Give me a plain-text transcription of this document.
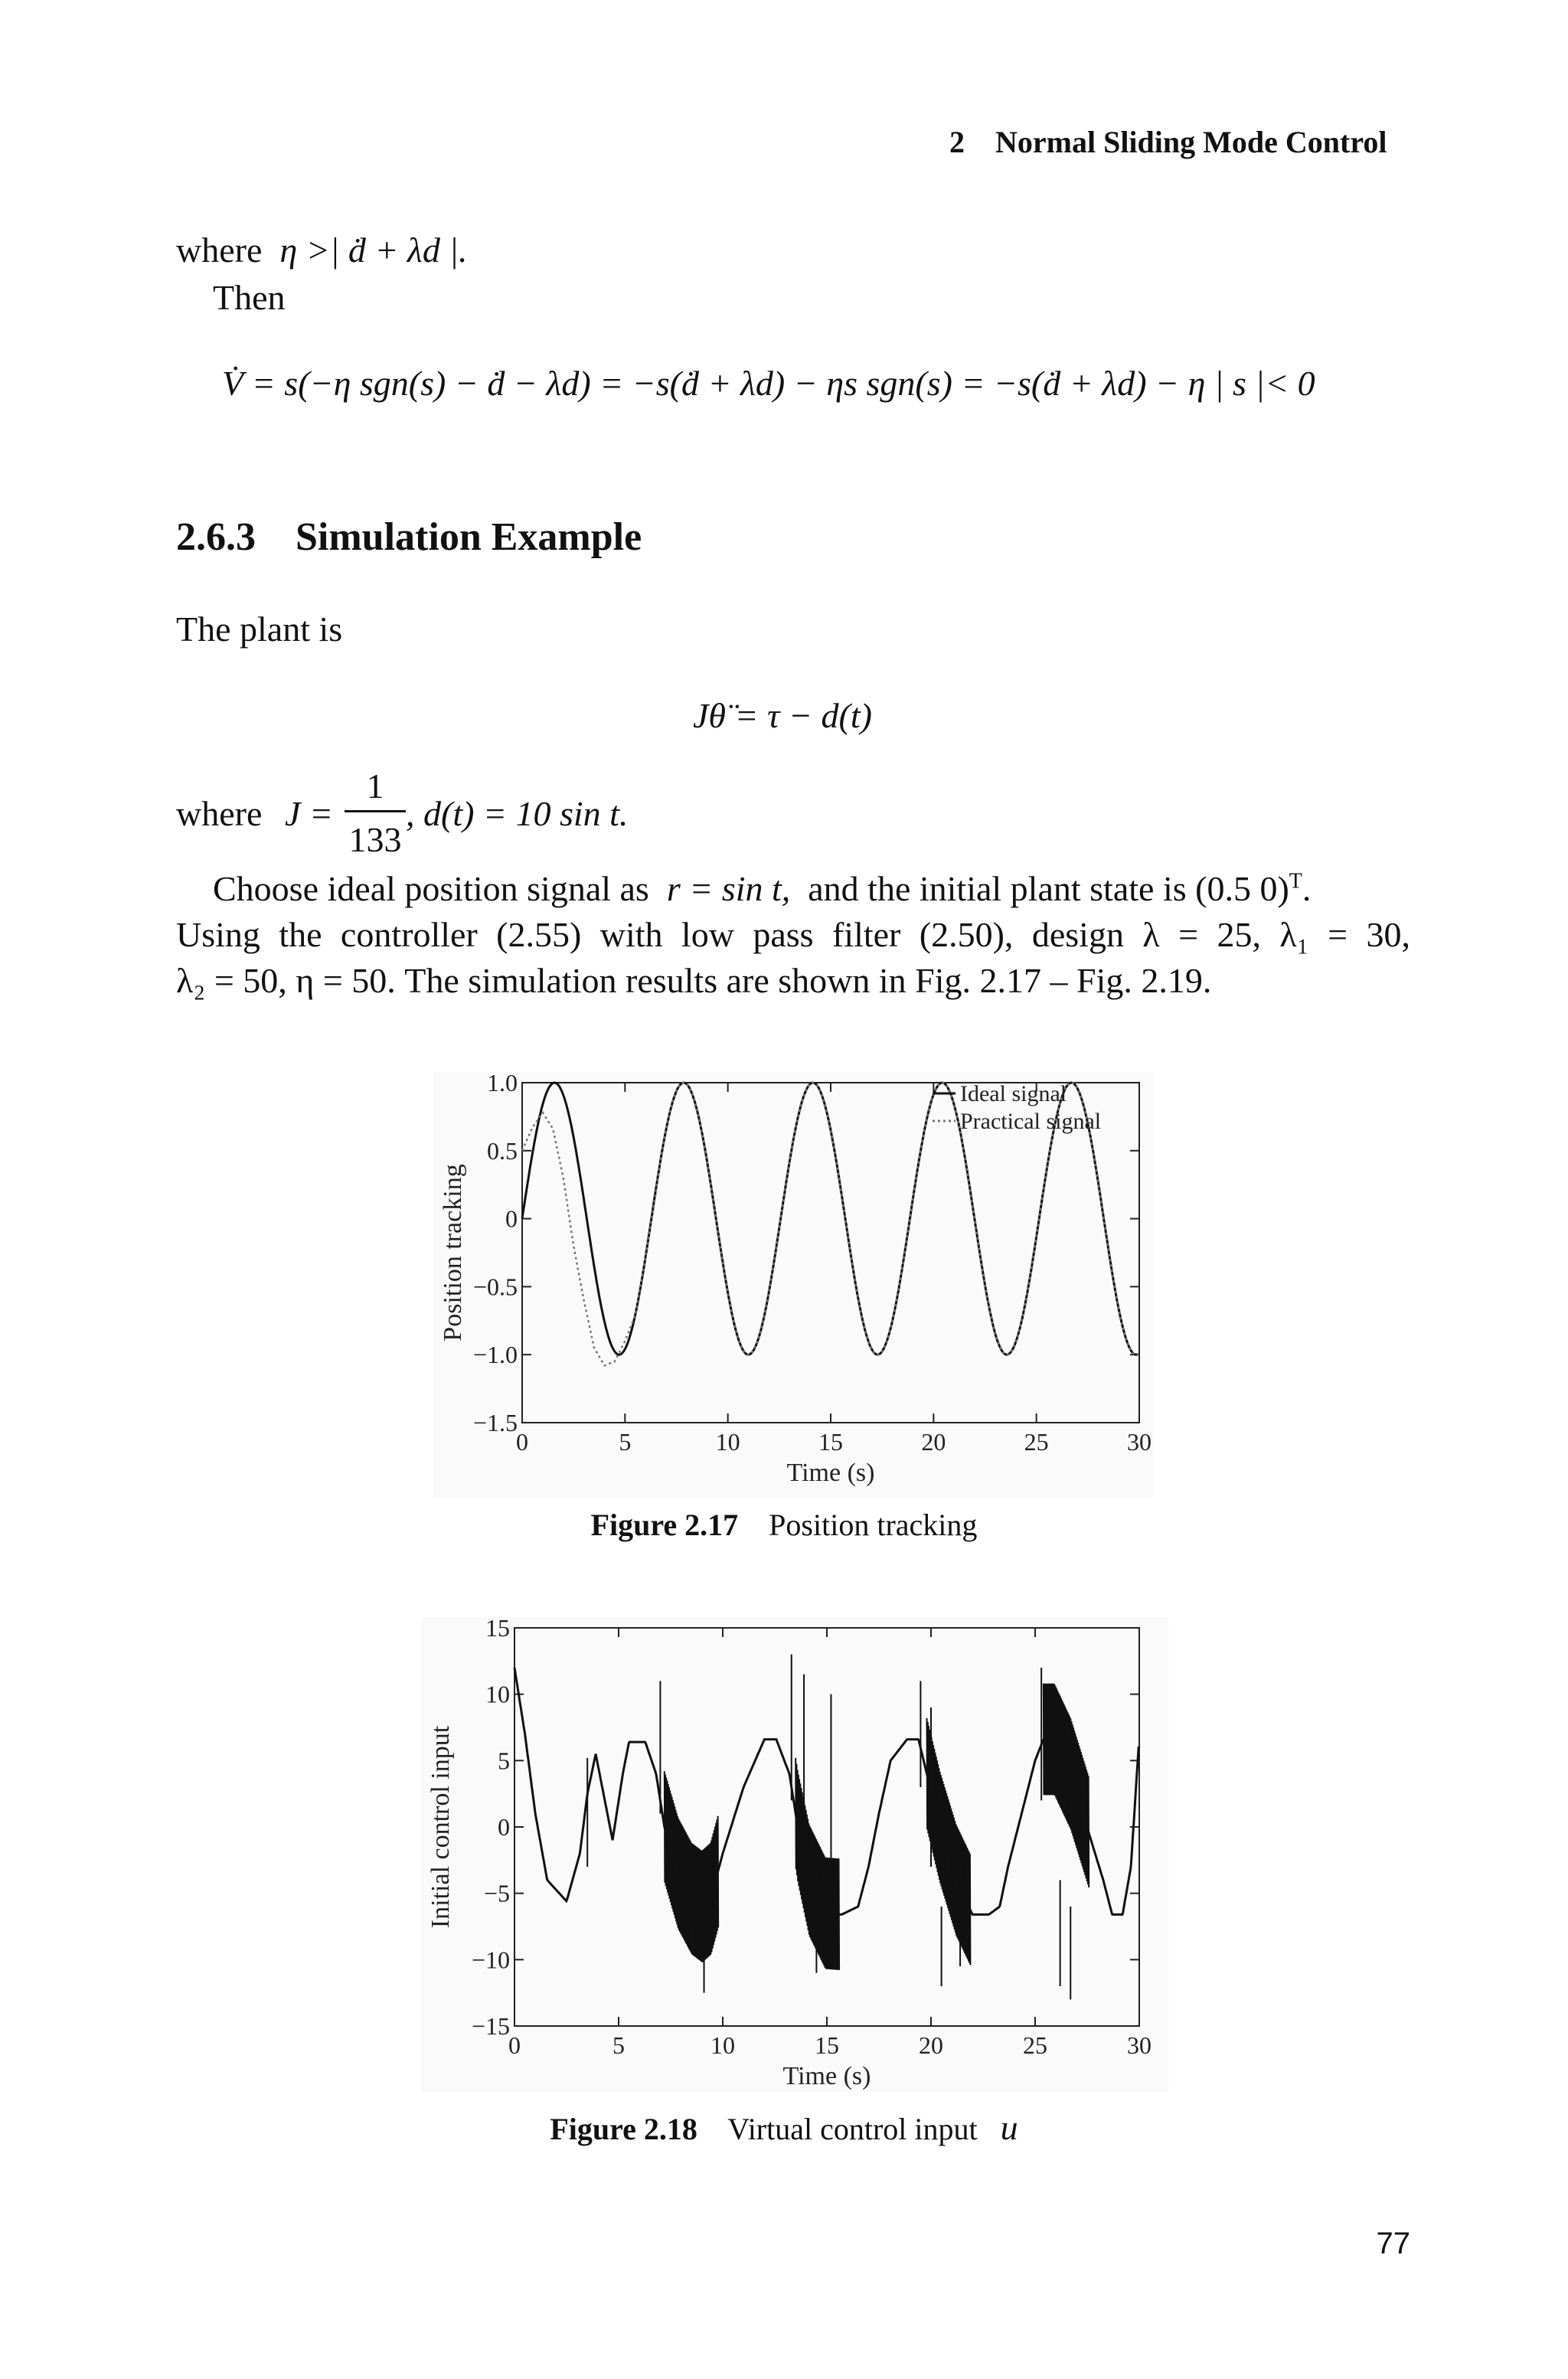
2 Normal Sliding Mode Control
where η >| ḋ + λd |.
Then
V̇ = s(−η sgn(s) − ḋ − λd) = −s(ḋ + λd) − ηs sgn(s) = −s(ḋ + λd) − η | s |< 0
2.6.3 Simulation Example
The plant is
Jθ̈ = τ − d(t)
where J =
1
133
, d(t) = 10 sin t.
Choose ideal position signal as r = sin t, and the initial plant state is (0.5 0)$^T$.
Using the controller (2.55) with low pass filter (2.50), design λ = 25, λ₁ = 30,
λ₂ = 50, η = 50. The simulation results are shown in Fig. 2.17 – Fig. 2.19.
0	5	10	15	20	25	30
1.0
0.5
0
−0.5
−1.0
−1.5
Time (s)
Position tracking
Ideal signal
Practical signal
Figure 2.17 Position tracking
0	5	10	15	20	25	30
15
10
5
0
−5
−10
−15
Time (s)
Initial control input
Figure 2.18 Virtual control input u
77
